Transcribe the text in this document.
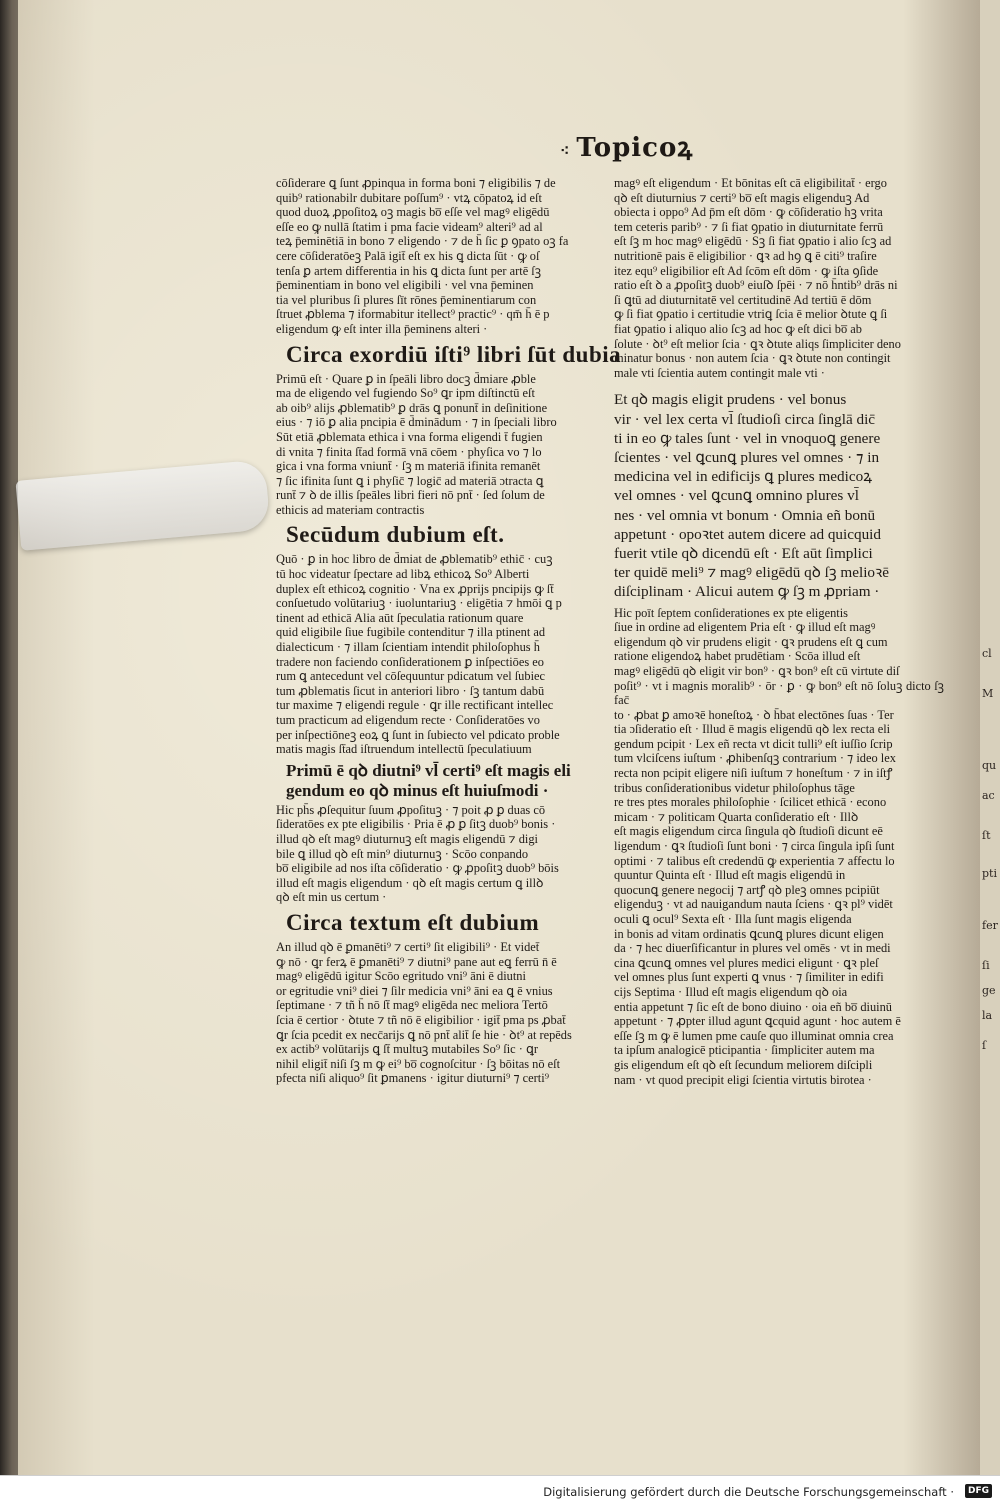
cl
M
qu
ac
ſt
pti
fer
ſi
ge
la
ſ
⁖ Topicoꝝ

cōſiderare ꝗ ſunt ꝓpinqua in forma boni ⁊ eligibilis ⁊ de
quib⁹ rationabilr dubitare poſſum⁹ · vtꝝ cōpatoꝝ id eſt
quod duoꝝ ꝓpoſitoꝝ oꝫ magis bo̅ eſſe vel magꝰ eligēdū
eſſe eo ꝙ nullā ſtatim i pma facie videam⁹ alteri⁹ ad al
teꝝ p̄eminētiā in bono ⁊ eligendo · ⁊ de h̄ ſic ꝑ ꝯpato oꝫ fa
cere cōſideratōeꝫ Palā igit̄ eſt ex his ꝗ dicta ſūt · ꝙ oſ
tenſa ꝑ artem differentia in his ꝗ dicta ſunt per artē ſꝫ
p̄eminentiam in bono vel eligibili · vel vna p̄eminen
tia vel pluribus ſi plures ſīt rōnes p̄eminentiarum con
ſtruet ꝓblema ⁊ iformabitur itellect⁹ practic⁹ · qm̄ h̄ ē p
eligendum ꝙ eſt inter illa p̄eminens alteri ·

Circa exordiū iſti⁹ libri ſūt dubia

Primū eſt · Quare ꝑ in ſpeāli libro docꝫ d̄miare ꝓble
ma de eligendo vel fugiendo So⁹ ꝗr ipm diſtinctū eſt
ab oib⁹ alijs ꝓblematib⁹ ꝑ drās ꝗ ponunt̄ in deſinitione
eius · ⁊ iō ꝑ alia pncipia ē d̄minādum · ⁊ in ſpeciali libro
Sūt etiā ꝓblemata ethica i vna forma eligendi t̄ fugien
di vnita ⁊ finita ſt̄ad formā vnā cōem · phyſica vo ⁊ lo
gica i vna forma vniunt̄ · ſꝫ m materiā ifinita remanēt
⁊ ſic ifinita ſunt ꝗ i phyſic̄ ⁊ logic̄ ad materiā ɔtracta ꝗ
runt̄ ⁊ ꝺ de illis ſpeāles libri fieri nō pnt̄ · ſed ſolum de
ethicis ad materiam contractis

Secūdum dubium eſt.

Quō · ꝑ in hoc libro de d̄miat de ꝓblematib⁹ ethic̄ · cuꝫ
tū hoc videatur ſpectare ad libꝝ ethicoꝝ So⁹ Alberti
duplex eſt ethicoꝝ cognitio · Vna ex ꝓprijs pncipijs ꝙ ſt̄
conſuetudo volūtariuꝫ · iuoluntariuꝫ · eligētia ⁊ hmōi ꝗ p
tinent ad ethicā Alia aūt ſpeculatia rationum quare
quid eligibile ſiue fugibile contenditur ⁊ illa ptinent ad
dialecticum · ⁊ illam ſcientiam intendit philoſophus h̄
tradere non faciendo conſiderationem ꝑ inſpectiōes eo
rum ꝗ antecedunt vel cōſequuntur pdicatum vel ſubiec
tum ꝓblematis ſicut in anteriori libro · ſꝫ tantum dabū
tur maxime ⁊ eligendi regule · ꝗr ille rectificant intellec
tum practicum ad eligendum recte · Conſideratōes vo
per inſpectiōneꝫ eoꝝ ꝗ ſunt in ſubiecto vel pdicato proble
matis magis ſt̄ad iſtruendum intellectū ſpeculatiuum

Primū ē qꝺ diutni⁹ vl̄ certi⁹ eſt magis eli
gendum eo qꝺ minus eſt huiuſmodi ·

Hic ph̄s ꝓſequitur ſuum ꝓpoſituꝫ · ⁊ poit ꝓ ꝑ duas cō
ſideratōes ex pte eligibilis · Pria ē ꝓ ꝑ ſitꝫ duob⁹ bonis ·
illud qꝺ eſt magꝰ diuturnuꝫ eſt magis eligendū ⁊ digi
bile ꝗ illud qꝺ eſt min⁹ diuturnuꝫ · Scōo conpando
bo̅ eligibile ad nos iſta cōſideratio · ꝙ ꝓpoſitꝫ duob⁹ bōis
illud eſt magis eligendum · qꝺ eſt magis certum ꝗ illꝺ
qꝺ eſt min us certum ·

Circa textum eſt dubium

An illud qꝺ ē ꝑmanēti⁹ ⁊ certi⁹ ſit eligibili⁹ · Et videt̄
ꝙ nō · ꝗr ferꝝ ē ꝑmanēti⁹ ⁊ diutni⁹ pane aut eꝗ ferrū n̄ ē
magꝰ eligēdū igitur Scōo egritudo vni⁹ āni ē diutni
or egritudie vni⁹ diei ⁊ ſilr medicia vni⁹ āni ea ꝗ ē vnius
ſeptimane · ⁊ tñ h̄ nō ſt̄ magꝰ eligēda nec meliora Tertō
ſcia ē certior · ꝺtute ⁊ tñ nō ē eligibilior · igit̄ pma ps ꝓbat̄
ꝗr ſcia pcedit ex necc̄arijs ꝗ nō pnt̄ alit̄ ſe hie · ꝺt⁹ at repēds
ex actib⁹ volūtarijs ꝗ ſt̄ multuꝫ mutabiles So⁹ ſic · ꝗr
nihil eligit̄ niſi ſꝫ m ꝙ ei⁹ bo̅ cognoſcitur · ſꝫ bōitas nō eſt
pfecta niſi aliquo⁹ ſit ꝑmanens · igitur diuturni⁹ ⁊ certi⁹

magꝰ eſt eligendum · Et bōnitas eſt cā eligibilitat̄ · ergo
qꝺ eſt diuturnius ⁊ certi⁹ bo̅ eſt magis eligenduꝫ Ad
obiecta i oppo⁹ Ad p̄m eſt dōm · ꝙ cōſideratio hꝫ vrita
tem ceteris parib⁹ · ⁊ ſi fiat ꝯpatio in diuturnitate ferrū
eſt ſꝫ m hoc magꝰ eligēdū · Sꝫ ſi fiat ꝯpatio i alio ſcꝫ ad
nutritionē pais ē eligibilior · ꝗꝛ ad hꝯ ꝗ ē citi⁹ traſire
itez equ⁹ eligibilior eſt Ad ſcōm eſt dōm · ꝙ iſta ꝯſide
ratio eſt ꝺ a ꝓpoſitꝫ duob⁹ eiuſꝺ ſpēi · ⁊ nō h̄ntib⁹ drās ni
ſi ꝗtū ad diuturnitatē vel certitudinē Ad tertiū ē dōm
ꝙ ſi fiat ꝯpatio i certitudie vtriꝗ ſcia ē melior ꝺtute ꝗ ſi
fiat ꝯpatio i aliquo alio ſcꝫ ad hoc ꝙ eſt dici bo̅ ab
ſolute · ꝺt⁹ eſt melior ſcia · ꝗꝛ ꝺtute aliqs ſimpliciter deno
minatur bonus · non autem ſcia · ꝗꝛ ꝺtute non contingit
male vti ſcientia autem contingit male vti ·

Et qꝺ magis eligit prudens · vel bonus
vir · vel lex certa vl̄ ſtudioſi circa ſinglā dic̄
ti in eo ꝙ tales ſunt · vel in vnoquoꝗ genere
ſcientes · vel ꝗcunꝗ plures vel omnes · ⁊ in
medicina vel in edificijs ꝗ plures medicoꝝ
vel omnes · vel ꝗcunꝗ omnino plures vl̄
nes · vel omnia vt bonum · Omnia eñ bonū
appetunt · opoꝛtet autem dicere ad quicquid
fuerit vtile qꝺ dicendū eſt · Eſt aūt ſimplici
ter quidē meli⁹ ⁊ magꝰ eligēdū qꝺ ſꝫ melioꝛē
diſciplinam · Alicui autem ꝙ ſꝫ m ꝓpriam ·

Hic poīt ſeptem conſiderationes ex pte eligentis
ſiue in ordine ad eligentem Pria eſt · ꝙ illud eſt magꝰ
eligendum qꝺ vir prudens eligit · ꝗꝛ prudens eſt ꝗ cum
ratione eligendoꝝ habet prudētiam · Scōa illud eſt
magꝰ eligēdū qꝺ eligit vir bon⁹ · ꝗꝛ bon⁹ eſt cū virtute diſ
poſit⁹ · vt i magnis moralib⁹ · ōr · ꝑ · ꝙ bon⁹ eſt nō ſoluꝫ dicto ſꝫ fac̄
to · ꝓbat ꝑ amoꝛē honeſtoꝝ · ꝺ h̄bat electōnes ſuas · Ter
tia ɔſideratio eſt · Illud ē magis eligendū qꝺ lex recta eli
gendum pcipit · Lex eñ recta vt dicit tulli⁹ eſt iuſſio ſcrip
tum vlciſcens iuſtum · ꝓhibenſqꝫ contrarium · ⁊ ideo lex
recta non pcipit eligere niſi iuſtum ⁊ honeſtum · ⁊ in iſtꝭ
tribus conſiderationibus videtur philoſophus tāge
re tres ptes morales philoſophie · ſcilicet ethicā · econo
micam · ⁊ politicam Quarta conſideratio eſt · Illꝺ
eſt magis eligendum circa ſingula qꝺ ſtudioſi dicunt eē
ligendum · ꝗꝛ ſtudioſi ſunt boni · ⁊ circa ſingula ipſi ſunt
optimi · ⁊ talibus eſt credendū ꝙ experientia ⁊ affectu lo
quuntur Quinta eſt · Illud eſt magis eligendū in
quocunꝗ genere negocij ⁊ artꝭ qꝺ pleꝫ omnes pcipiūt
eligenduꝫ · vt ad nauigandum nauta ſciens · ꝗꝛ pl⁹ vidēt
oculi ꝗ ocul⁹ Sexta eſt · Illa ſunt magis eligenda
in bonis ad vitam ordinatis ꝗcunꝗ plures dicunt eligen
da · ⁊ hec diuerſificantur in plures vel omēs · vt in medi
cina ꝗcunꝗ omnes vel plures medici eligunt · ꝗꝛ pleſ
vel omnes plus ſunt experti ꝗ vnus · ⁊ ſimiliter in edifi
cijs Septima · Illud eſt magis eligendum qꝺ oia
entia appetunt ⁊ ſic eſt de bono diuino · oia eñ bo̅ diuinū
appetunt · ⁊ ꝓpter illud agunt ꝗcquid agunt · hoc autem ē
eſſe ſꝫ m ꝙ ē lumen pme cauſe quo illuminat omnia crea
ta ipſum analogicē pticipantia · ſimpliciter autem ma
gis eligendum eſt qꝺ eſt ſecundum meliorem diſcipli
nam · vt quod precipit eligi ſcientia virtutis birotea ·

Digitalisierung gefördert durch die Deutsche Forschungsgemeinschaft ·	DFG
